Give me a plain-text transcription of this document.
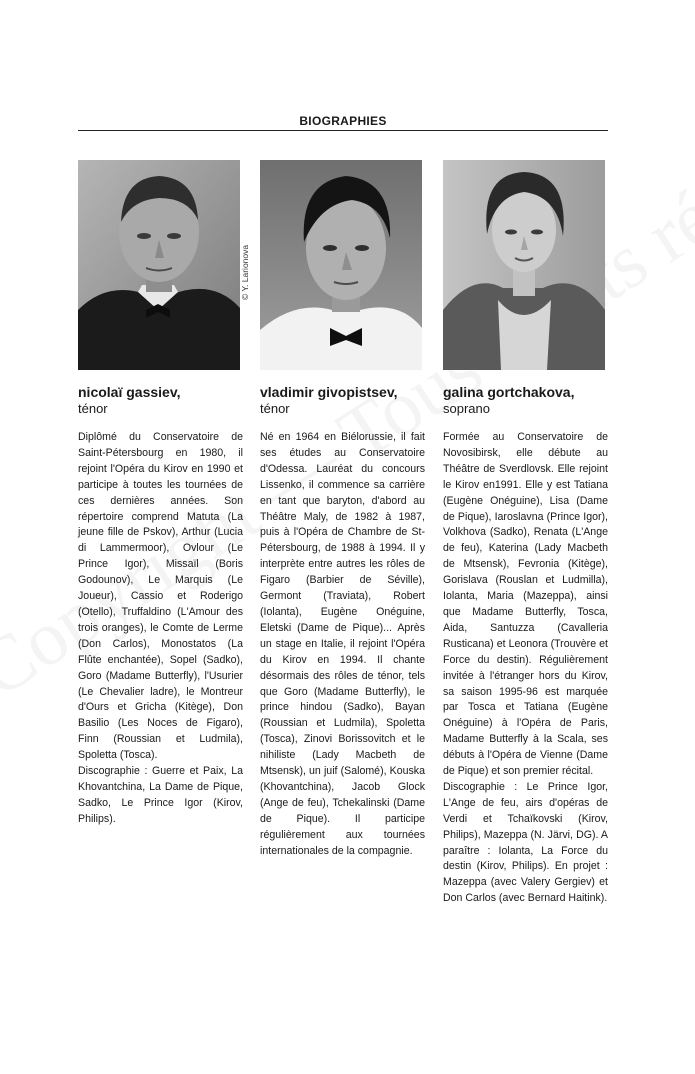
BIOGRAPHIES
© Y. Larionova

nicolaï gassiev,

ténor

Diplômé du Conservatoire de Saint-Pétersbourg en 1980, il rejoint l'Opéra du Kirov en 1990 et participe à toutes les tournées de ces dernières années. Son répertoire comprend Matuta (La jeune fille de Pskov), Arthur (Lucia di Lammermoor), Ovlour (Le Prince Igor), Missaïl (Boris Godounov), Le Marquis (Le Joueur), Cassio et Roderigo (Otello), Truffaldino (L'Amour des trois oranges), le Comte de Lerme (Don Carlos), Monostatos (La Flûte enchantée), Sopel (Sadko), Goro (Madame Butterfly), l'Usurier (Le Chevalier ladre), le Montreur d'Ours et Gricha (Kitège), Don Basilio (Les Noces de Figaro), Finn (Roussian et Ludmila), Spoletta (Tosca).

Discographie : Guerre et Paix, La Khovantchina, La Dame de Pique, Sadko, Le Prince Igor (Kirov, Philips).

vladimir givopistsev,

ténor

Né en 1964 en Biélorussie, il fait ses études au Conservatoire d'Odessa. Lauréat du concours Lissenko, il commence sa carrière en tant que baryton, d'abord au Théâtre Maly, de 1982 à 1987, puis à l'Opéra de Chambre de St-Pétersbourg, de 1988 à 1994. Il y interprète entre autres les rôles de Figaro (Barbier de Séville), Germont (Traviata), Robert (Iolanta), Eugène Onéguine, Eletski (Dame de Pique)... Après un stage en Italie, il rejoint l'Opéra du Kirov en 1994. Il chante désormais des rôles de ténor, tels que Goro (Madame Butterfly), le prince hindou (Sadko), Bayan (Roussian et Ludmila), Spoletta (Tosca), Zinovi Borissovitch et le nihiliste (Lady Macbeth de Mtsensk), un juif (Salomé), Kouska (Khovantchina), Jacob Glock (Ange de feu), Tchekalinski (Dame de Pique). Il participe régulièrement aux tournées internationales de la compagnie.

galina gortchakova,

soprano

Formée au Conservatoire de Novosibirsk, elle débute au Théâtre de Sverdlovsk. Elle rejoint le Kirov en1991. Elle y est Tatiana (Eugène Onéguine), Lisa (Dame de Pique), Iaroslavna (Prince Igor), Volkhova (Sadko), Renata (L'Ange de feu), Katerina (Lady Macbeth de Mtsensk), Fevronia (Kitège), Gorislava (Rouslan et Ludmilla), Iolanta, Maria (Mazeppa), ainsi que Madame Butterfly, Tosca, Aida, Santuzza (Cavalleria Rusticana) et Leonora (Trouvère et Force du destin). Régulièrement invitée à l'étranger hors du Kirov, sa saison 1995-96 est marquée par Tosca et Tatiana (Eugène Onéguine) à l'Opéra de Paris, Madame Butterfly à la Scala, ses débuts à l'Opéra de Vienne (Dame de Pique) et son premier récital.

Discographie : Le Prince Igor, L'Ange de feu, airs d'opéras de Verdi et Tchaïkovski (Kirov, Philips), Mazeppa (N. Järvi, DG). A paraître : Iolanta, La Force du destin (Kirov, Philips). En projet : Mazeppa (avec Valery Gergiev) et Don Carlos (avec Bernard Haitink).
